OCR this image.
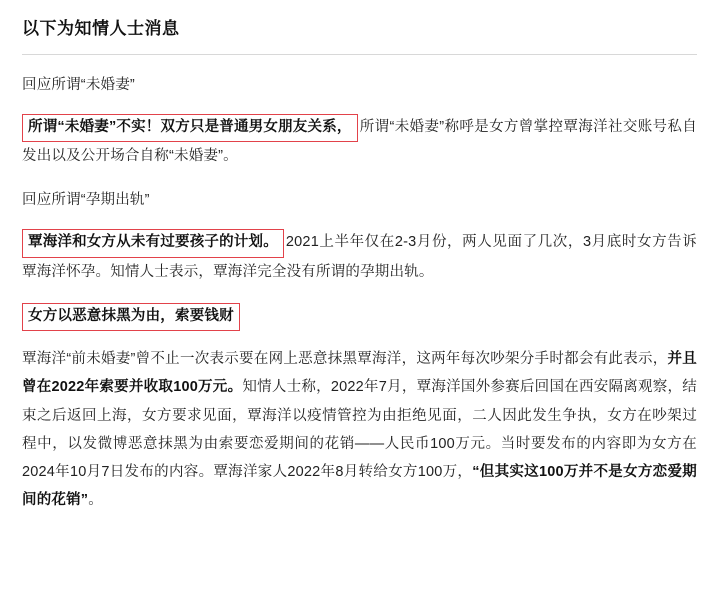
以下为知情人士消息

回应所谓“未婚妻”

所谓“未婚妻”不实！双方只是普通男女朋友关系， 所谓“未婚妻”称呼是女方曾掌控覃海洋社交账号私自发出以及公开场合自称“未婚妻”。

回应所谓“孕期出轨”

覃海洋和女方从未有过要孩子的计划。 2021上半年仅在2-3月份，两人见面了几次，3月底时女方告诉覃海洋怀孕。知情人士表示，覃海洋完全没有所谓的孕期出轨。

女方以恶意抹黑为由，索要钱财

覃海洋“前未婚妻”曾不止一次表示要在网上恶意抹黑覃海洋，这两年每次吵架分手时都会有此表示，并且曾在2022年索要并收取100万元。知情人士称，2022年7月，覃海洋国外参赛后回国在西安隔离观察，结束之后返回上海，女方要求见面，覃海洋以疫情管控为由拒绝见面，二人因此发生争执，女方在吵架过程中，以发微博恶意抹黑为由索要恋爱期间的花销——人民币100万元。当时要发布的内容即为女方在2024年10月7日发布的内容。覃海洋家人2022年8月转给女方100万，“但其实这100万并不是女方恋爱期间的花销”。
